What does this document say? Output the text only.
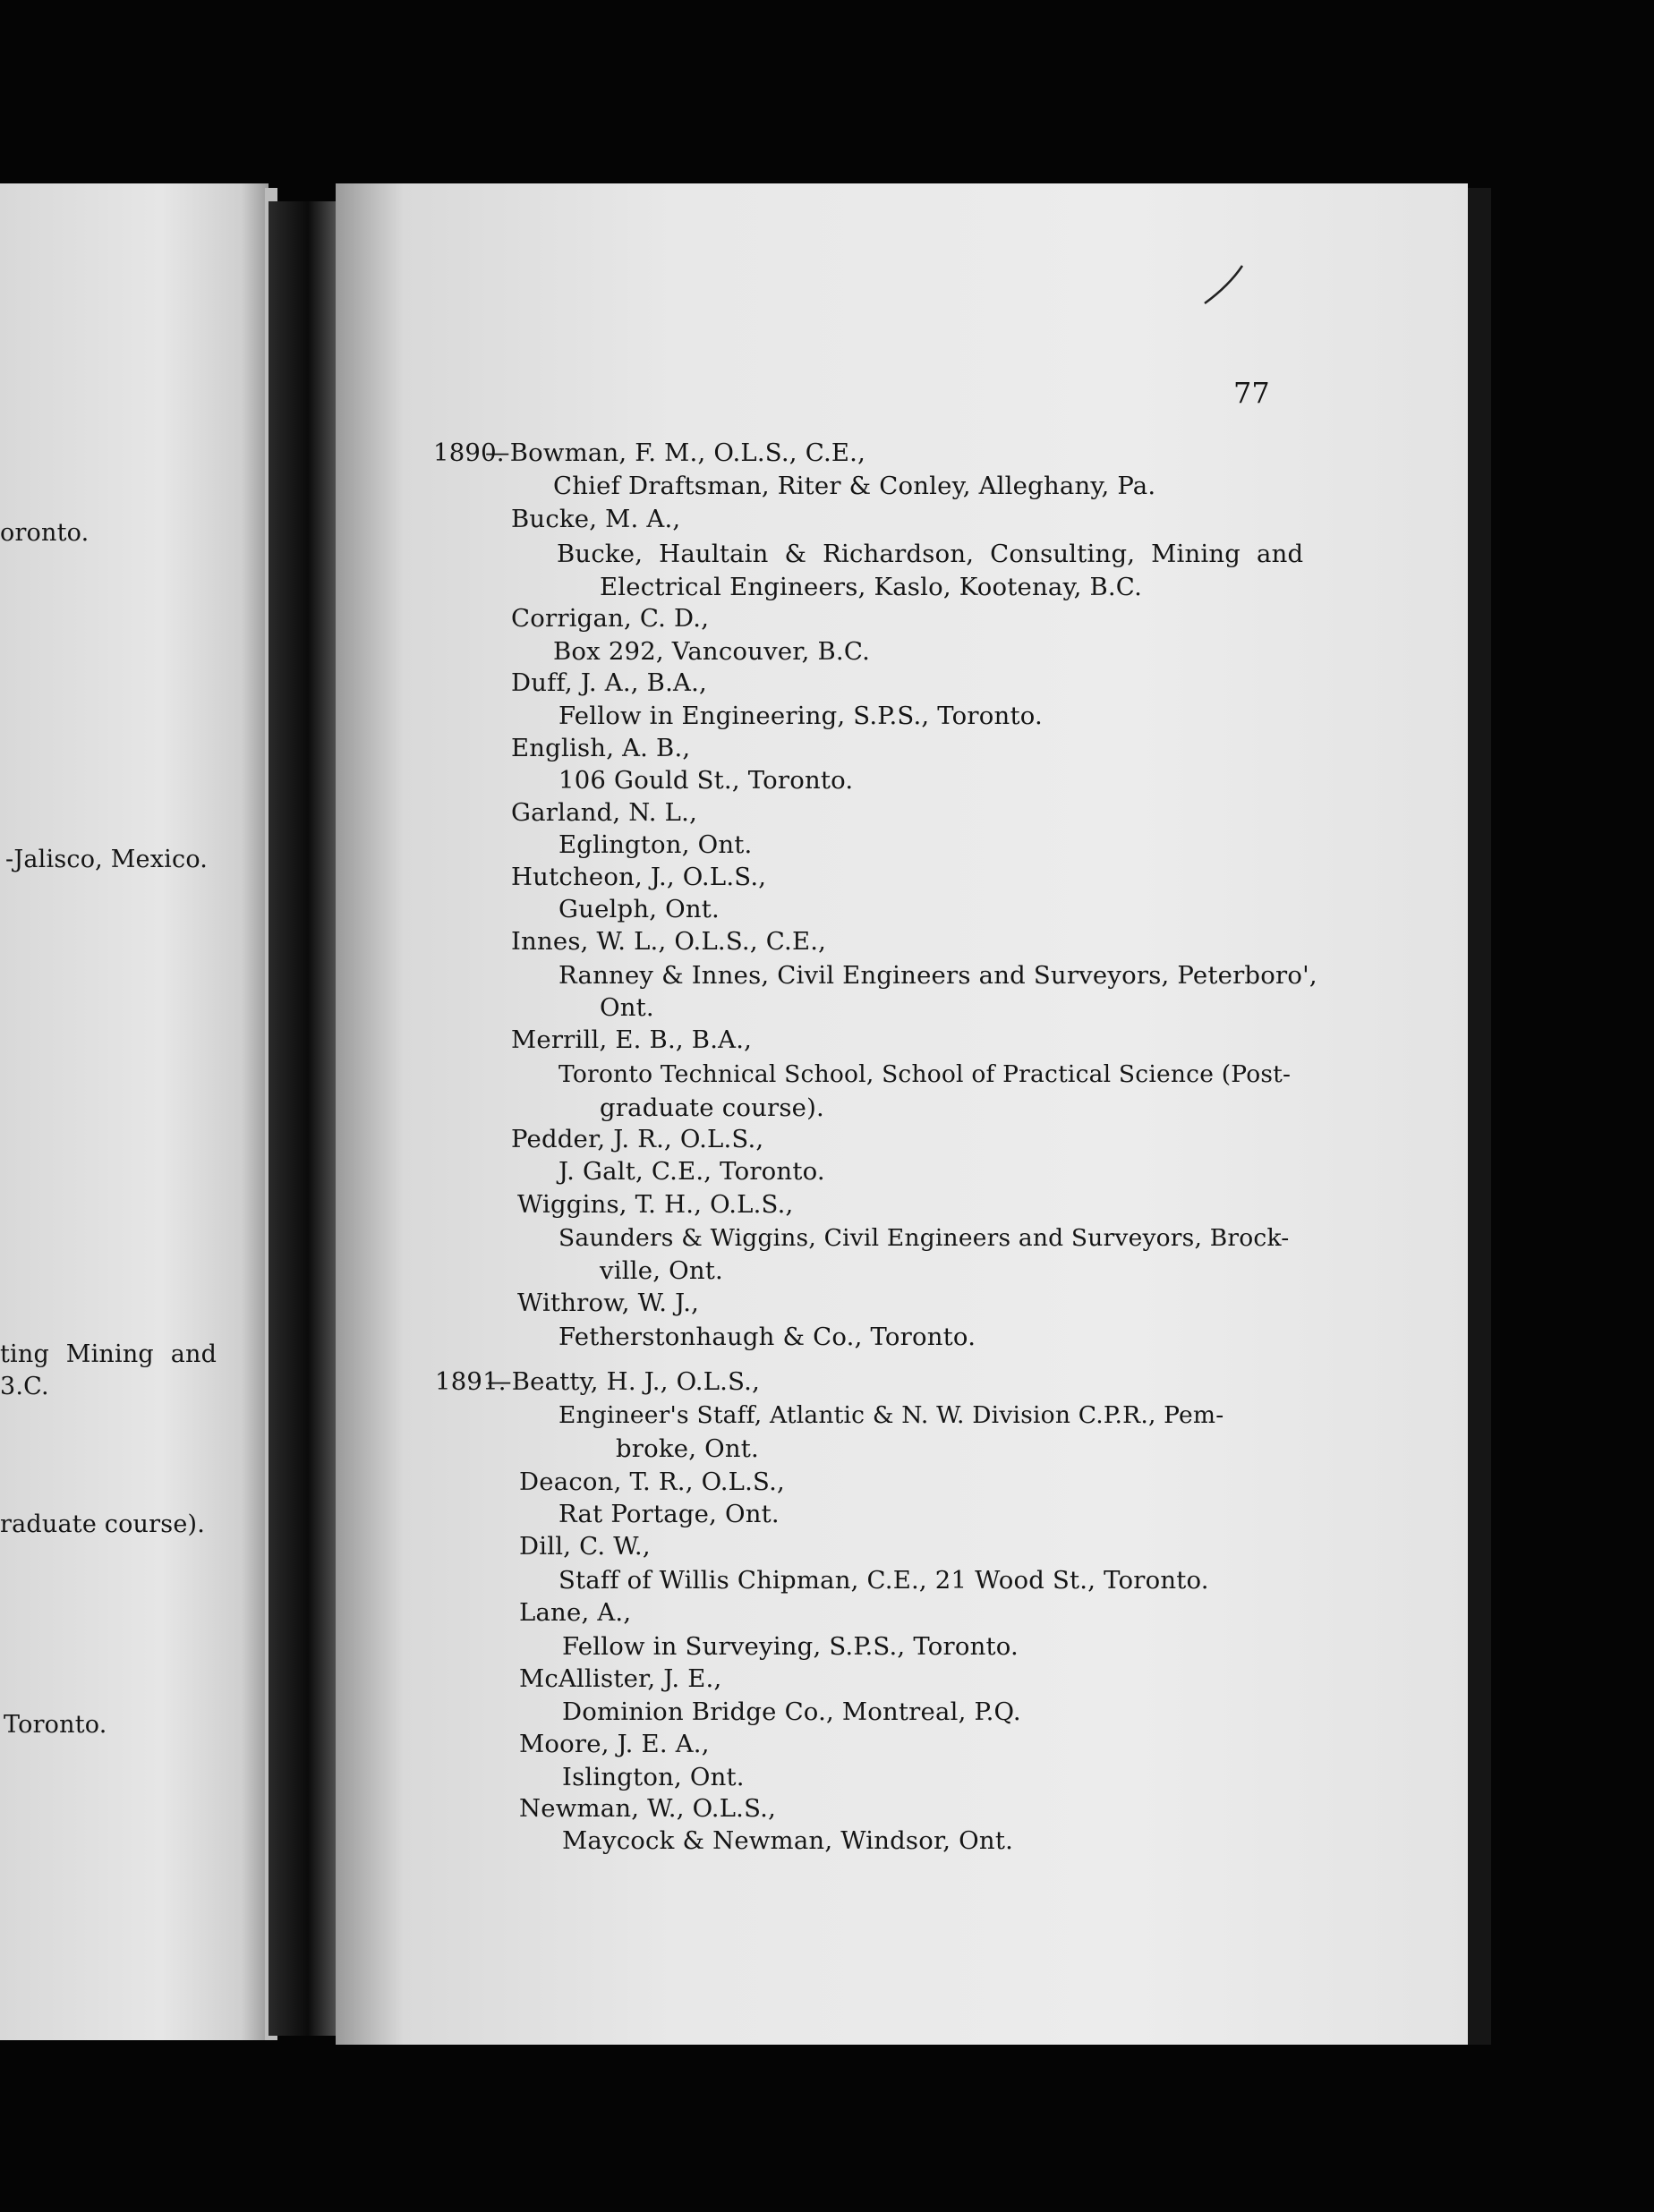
oronto.
-Jalisco, Mexico.
ting Mining and
3.C.
raduate course).
Toronto.
77
1890.
—Bowman, F. M., O.L.S., C.E.,
Chief Draftsman, Riter & Conley, Alleghany, Pa.
Bucke, M. A.,
Bucke, Haultain & Richardson, Consulting, Mining and
Electrical Engineers, Kaslo, Kootenay, B.C.
Corrigan, C. D.,
Box 292, Vancouver, B.C.
Duff, J. A., B.A.,
Fellow in Engineering, S.P.S., Toronto.
English, A. B.,
106 Gould St., Toronto.
Garland, N. L.,
Eglington, Ont.
Hutcheon, J., O.L.S.,
Guelph, Ont.
Innes, W. L., O.L.S., C.E.,
Ranney & Innes, Civil Engineers and Surveyors, Peterboro',
Ont.
Merrill, E. B., B.A.,
Toronto Technical School, School of Practical Science (Post-
graduate course).
Pedder, J. R., O.L.S.,
J. Galt, C.E., Toronto.
Wiggins, T. H., O.L.S.,
Saunders & Wiggins, Civil Engineers and Surveyors, Brock-
ville, Ont.
Withrow, W. J.,
Fetherstonhaugh & Co., Toronto.
1891.
—Beatty, H. J., O.L.S.,
Engineer's Staff, Atlantic & N. W. Division C.P.R., Pem-
broke, Ont.
Deacon, T. R., O.L.S.,
Rat Portage, Ont.
Dill, C. W.,
Staff of Willis Chipman, C.E., 21 Wood St., Toronto.
Lane, A.,
Fellow in Surveying, S.P.S., Toronto.
McAllister, J. E.,
Dominion Bridge Co., Montreal, P.Q.
Moore, J. E. A.,
Islington, Ont.
Newman, W., O.L.S.,
Maycock & Newman, Windsor, Ont.
